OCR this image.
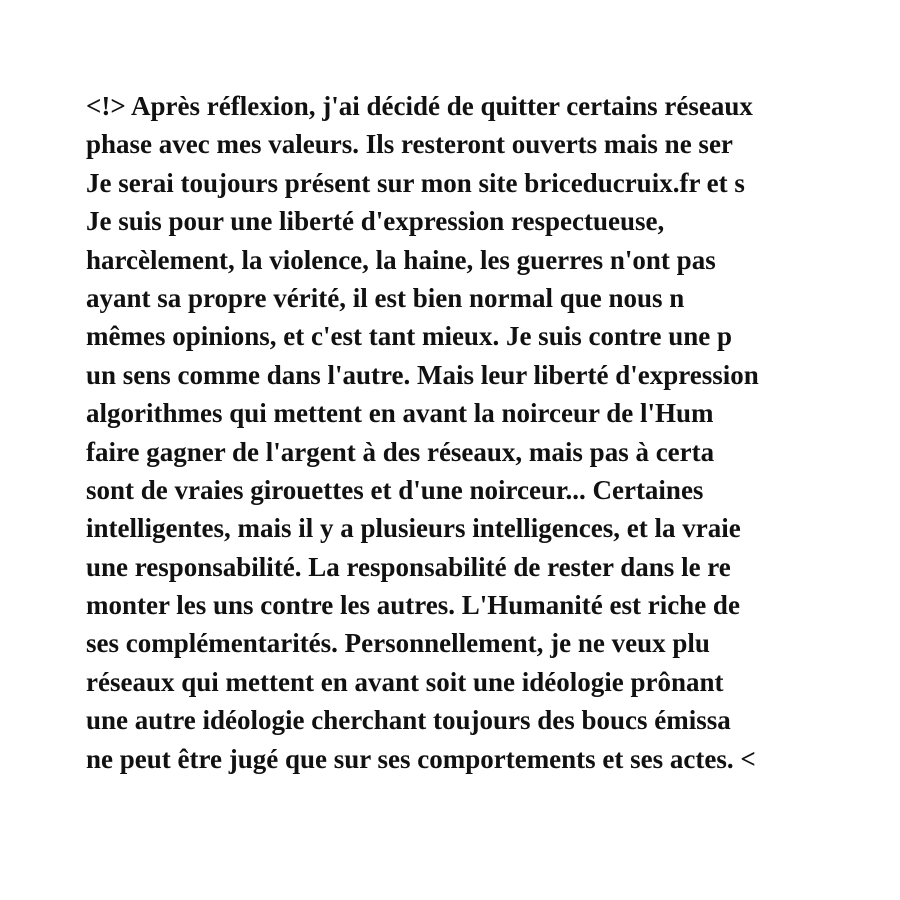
<!> Après réflexion, j'ai décidé de quitter certains réseaux
phase avec mes valeurs. Ils resteront ouverts mais ne ser
Je serai toujours présent sur mon site briceducruix.fr et s
Je suis pour une liberté d'expression respectueuse,
harcèlement, la violence, la haine, les guerres n'ont pas
ayant sa propre vérité, il est bien normal que nous n
mêmes opinions, et c'est tant mieux. Je suis contre une p
un sens comme dans l'autre. Mais leur liberté d'expression
algorithmes qui mettent en avant la noirceur de l'Hum
faire gagner de l'argent à des réseaux, mais pas à certa
sont de vraies girouettes et d'une noirceur... Certaines
intelligentes, mais il y a plusieurs intelligences, et la vraie
une responsabilité. La responsabilité de rester dans le re
monter les uns contre les autres. L'Humanité est riche de
ses complémentarités. Personnellement, je ne veux plu
réseaux qui mettent en avant soit une idéologie prônant
une autre idéologie cherchant toujours des boucs émissa
ne peut être jugé que sur ses comportements et ses actes. <
